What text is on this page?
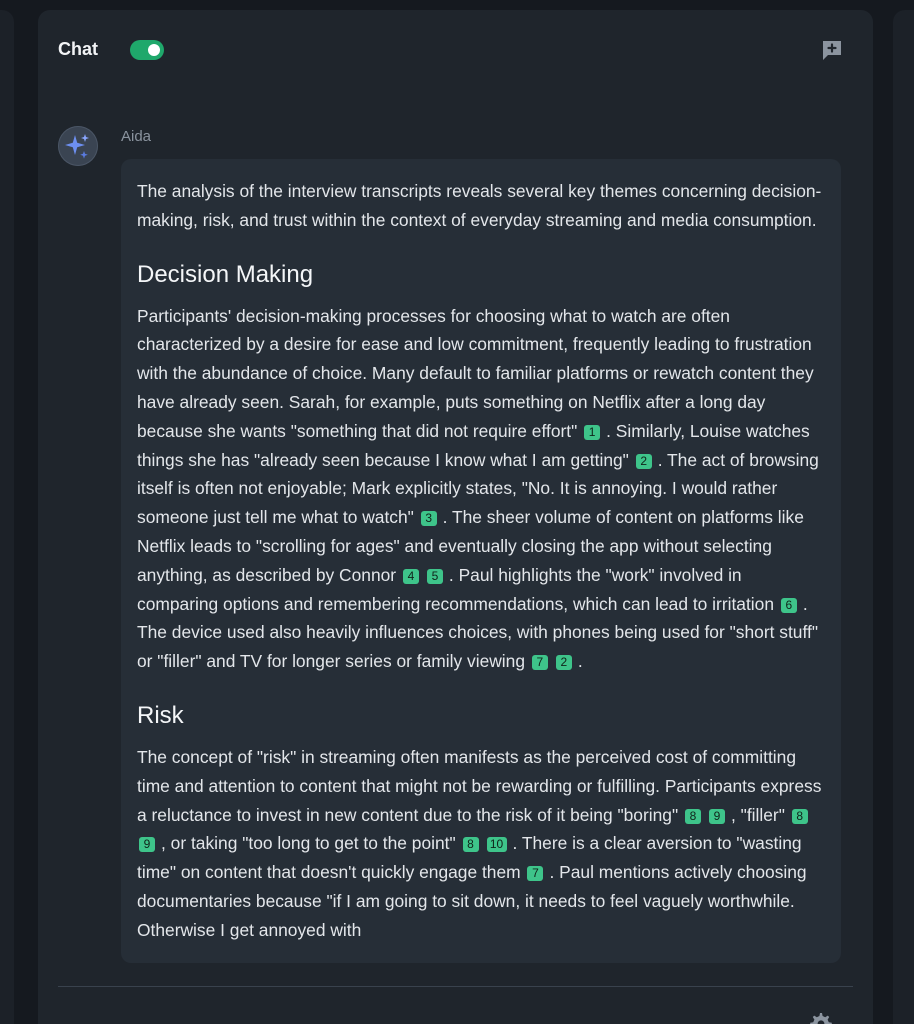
Chat
Aida

The analysis of the interview transcripts reveals several key themes concerning decision-making, risk, and trust within the context of everyday streaming and media consumption.

Decision Making

Participants' decision-making processes for choosing what to watch are often characterized by a desire for ease and low commitment, frequently leading to frustration with the abundance of choice. Many default to familiar platforms or rewatch content they have already seen. Sarah, for example, puts something on Netflix after a long day because she wants "something that did not require effort" 1 . Similarly, Louise watches things she has "already seen because I know what I am getting" 2 . The act of browsing itself is often not enjoyable; Mark explicitly states, "No. It is annoying. I would rather someone just tell me what to watch" 3 . The sheer volume of content on platforms like Netflix leads to "scrolling for ages" and eventually closing the app without selecting anything, as described by Connor 4 5 . Paul highlights the "work" involved in comparing options and remembering recommendations, which can lead to irritation 6 . The device used also heavily influences choices, with phones being used for "short stuff" or "filler" and TV for longer series or family viewing 7 2 .

Risk

The concept of "risk" in streaming often manifests as the perceived cost of committing time and attention to content that might not be rewarding or fulfilling. Participants express a reluctance to invest in new content due to the risk of it being "boring" 8 9 , "filler" 89 , or taking "too long to get to the point" 8 10 . There is a clear aversion to "wasting time" on content that doesn't quickly engage them 7 . Paul mentions actively choosing documentaries because "if I am going to sit down, it needs to feel vaguely worthwhile. Otherwise I get annoyed with
